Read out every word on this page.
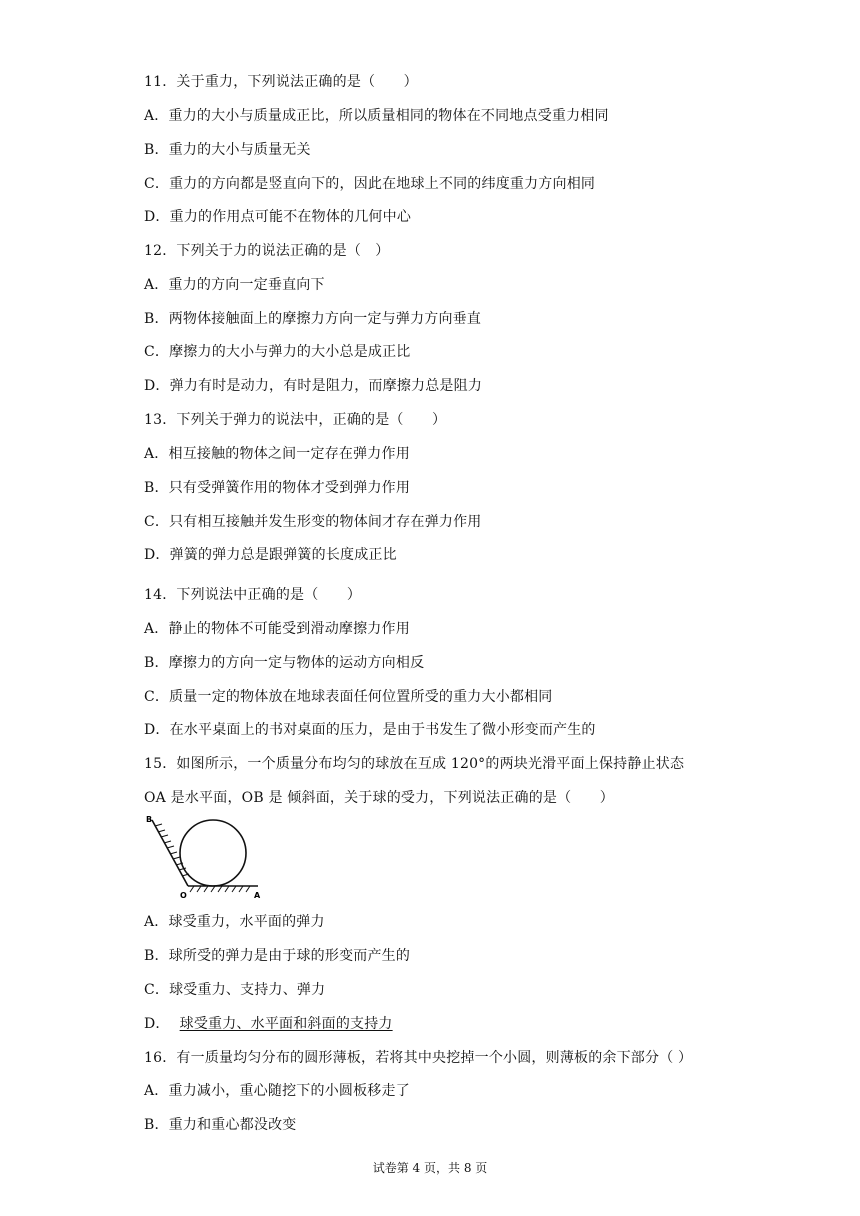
11．关于重力，下列说法正确的是（　　）
A．重力的大小与质量成正比，所以质量相同的物体在不同地点受重力相同
B．重力的大小与质量无关
C．重力的方向都是竖直向下的，因此在地球上不同的纬度重力方向相同
D．重力的作用点可能不在物体的几何中心
12．下列关于力的说法正确的是（　）
A．重力的方向一定垂直向下
B．两物体接触面上的摩擦力方向一定与弹力方向垂直
C．摩擦力的大小与弹力的大小总是成正比
D．弹力有时是动力，有时是阻力，而摩擦力总是阻力
13．下列关于弹力的说法中，正确的是（　　）
A．相互接触的物体之间一定存在弹力作用
B．只有受弹簧作用的物体才受到弹力作用
C．只有相互接触并发生形变的物体间才存在弹力作用
D．弹簧的弹力总是跟弹簧的长度成正比
14．下列说法中正确的是（　　）
A．静止的物体不可能受到滑动摩擦力作用
B．摩擦力的方向一定与物体的运动方向相反
C．质量一定的物体放在地球表面任何位置所受的重力大小都相同
D．在水平桌面上的书对桌面的压力，是由于书发生了微小形变而产生的
15．如图所示，一个质量分布均匀的球放在互成 120°的两块光滑平面上保持静止状态
OA 是水平面，OB 是 倾斜面，关于球的受力，下列说法正确的是（　　）
B
O	A
A．球受重力，水平面的弹力
B．球所受的弹力是由于球的形变而产生的
C．球受重力、支持力、弹力
D． 球受重力、水平面和斜面的支持力
16．有一质量均匀分布的圆形薄板，若将其中央挖掉一个小圆，则薄板的余下部分（ ）
A．重力减小，重心随挖下的小圆板移走了
B．重力和重心都没改变
试卷第 4 页，共 8 页
